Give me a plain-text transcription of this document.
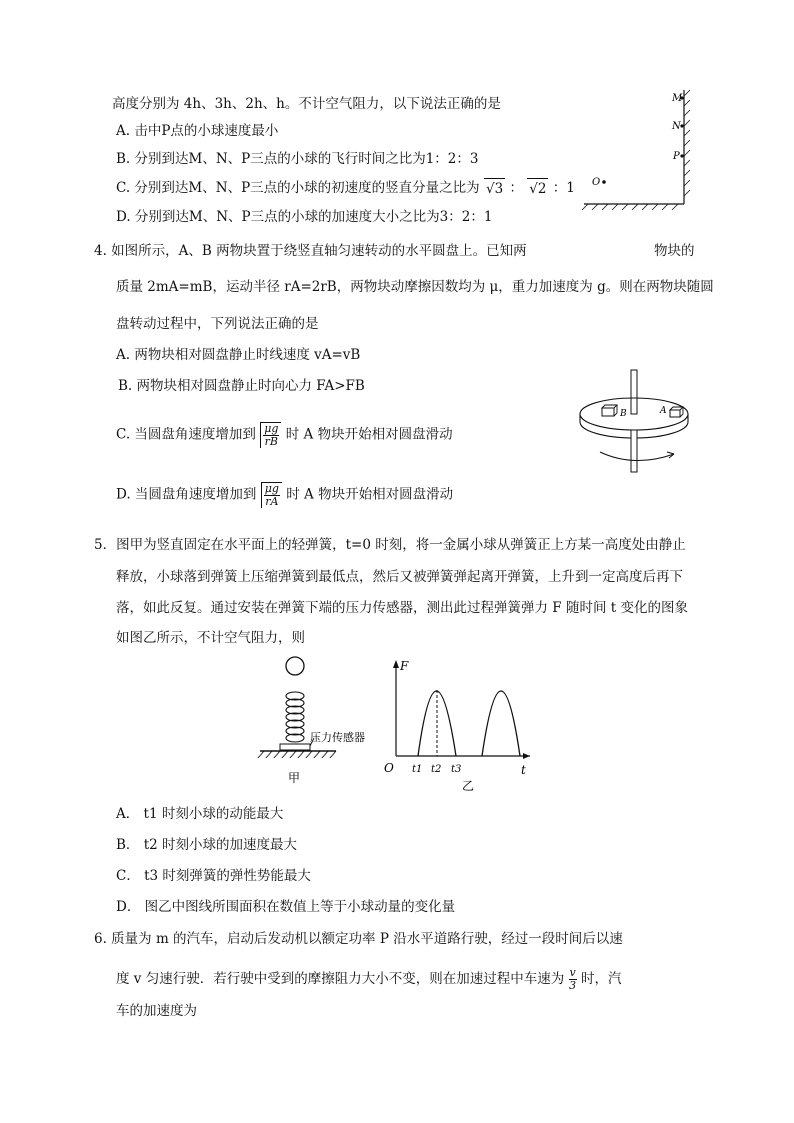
高度分别为 4h、3h、2h、h。不计空气阻力，以下说法正确的是
A. 击中P点的小球速度最小
B. 分别到达M、N、P三点的小球的飞行时间之比为1：2：3
C. 分别到达M、N、P三点的小球的初速度的竖直分量之比为 √3 ： √2 ：1
D. 分别到达M、N、P三点的小球的加速度大小之比为3：2：1
M
N
P
O
4. 如图所示，A、B 两物块置于绕竖直轴匀速转动的水平圆盘上。已知两	物块的
质量 2mA=mB，运动半径 rA=2rB，两物块动摩擦因数均为 μ，重力加速度为 g。则在两物块随圆
盘转动过程中，下列说法正确的是
A. 两物块相对圆盘静止时线速度 vA=vB
B. 两物块相对圆盘静止时向心力 FA>FB
C. 当圆盘角速度增加到 $\frac{\mu g}{rB}$ 时 A 物块开始相对圆盘滑动
D. 当圆盘角速度增加到 $\frac{\mu g}{rA}$ 时 A 物块开始相对圆盘滑动
B	A
5．图甲为竖直固定在水平面上的轻弹簧，t=0 时刻，将一金属小球从弹簧正上方某一高度处由静止
释放，小球落到弹簧上压缩弹簧到最低点，然后又被弹簧弹起离开弹簧，上升到一定高度后再下
落，如此反复。通过安装在弹簧下端的压力传感器，测出此过程弹簧弹力 F 随时间 t 变化的图象
如图乙所示，不计空气阻力，则
压力传感器
甲
F
t
O t1 t2 t3
乙
A． t1 时刻小球的动能最大
B． t2 时刻小球的加速度最大
C． t3 时刻弹簧的弹性势能最大
D． 图乙中图线所围面积在数值上等于小球动量的变化量
6. 质量为 m 的汽车，启动后发动机以额定功率 P 沿水平道路行驶，经过一段时间后以速
度 v 匀速行驶．若行驶中受到的摩擦阻力大小不变，则在加速过程中车速为 $\frac{v}{3}$ 时，汽
车的加速度为
